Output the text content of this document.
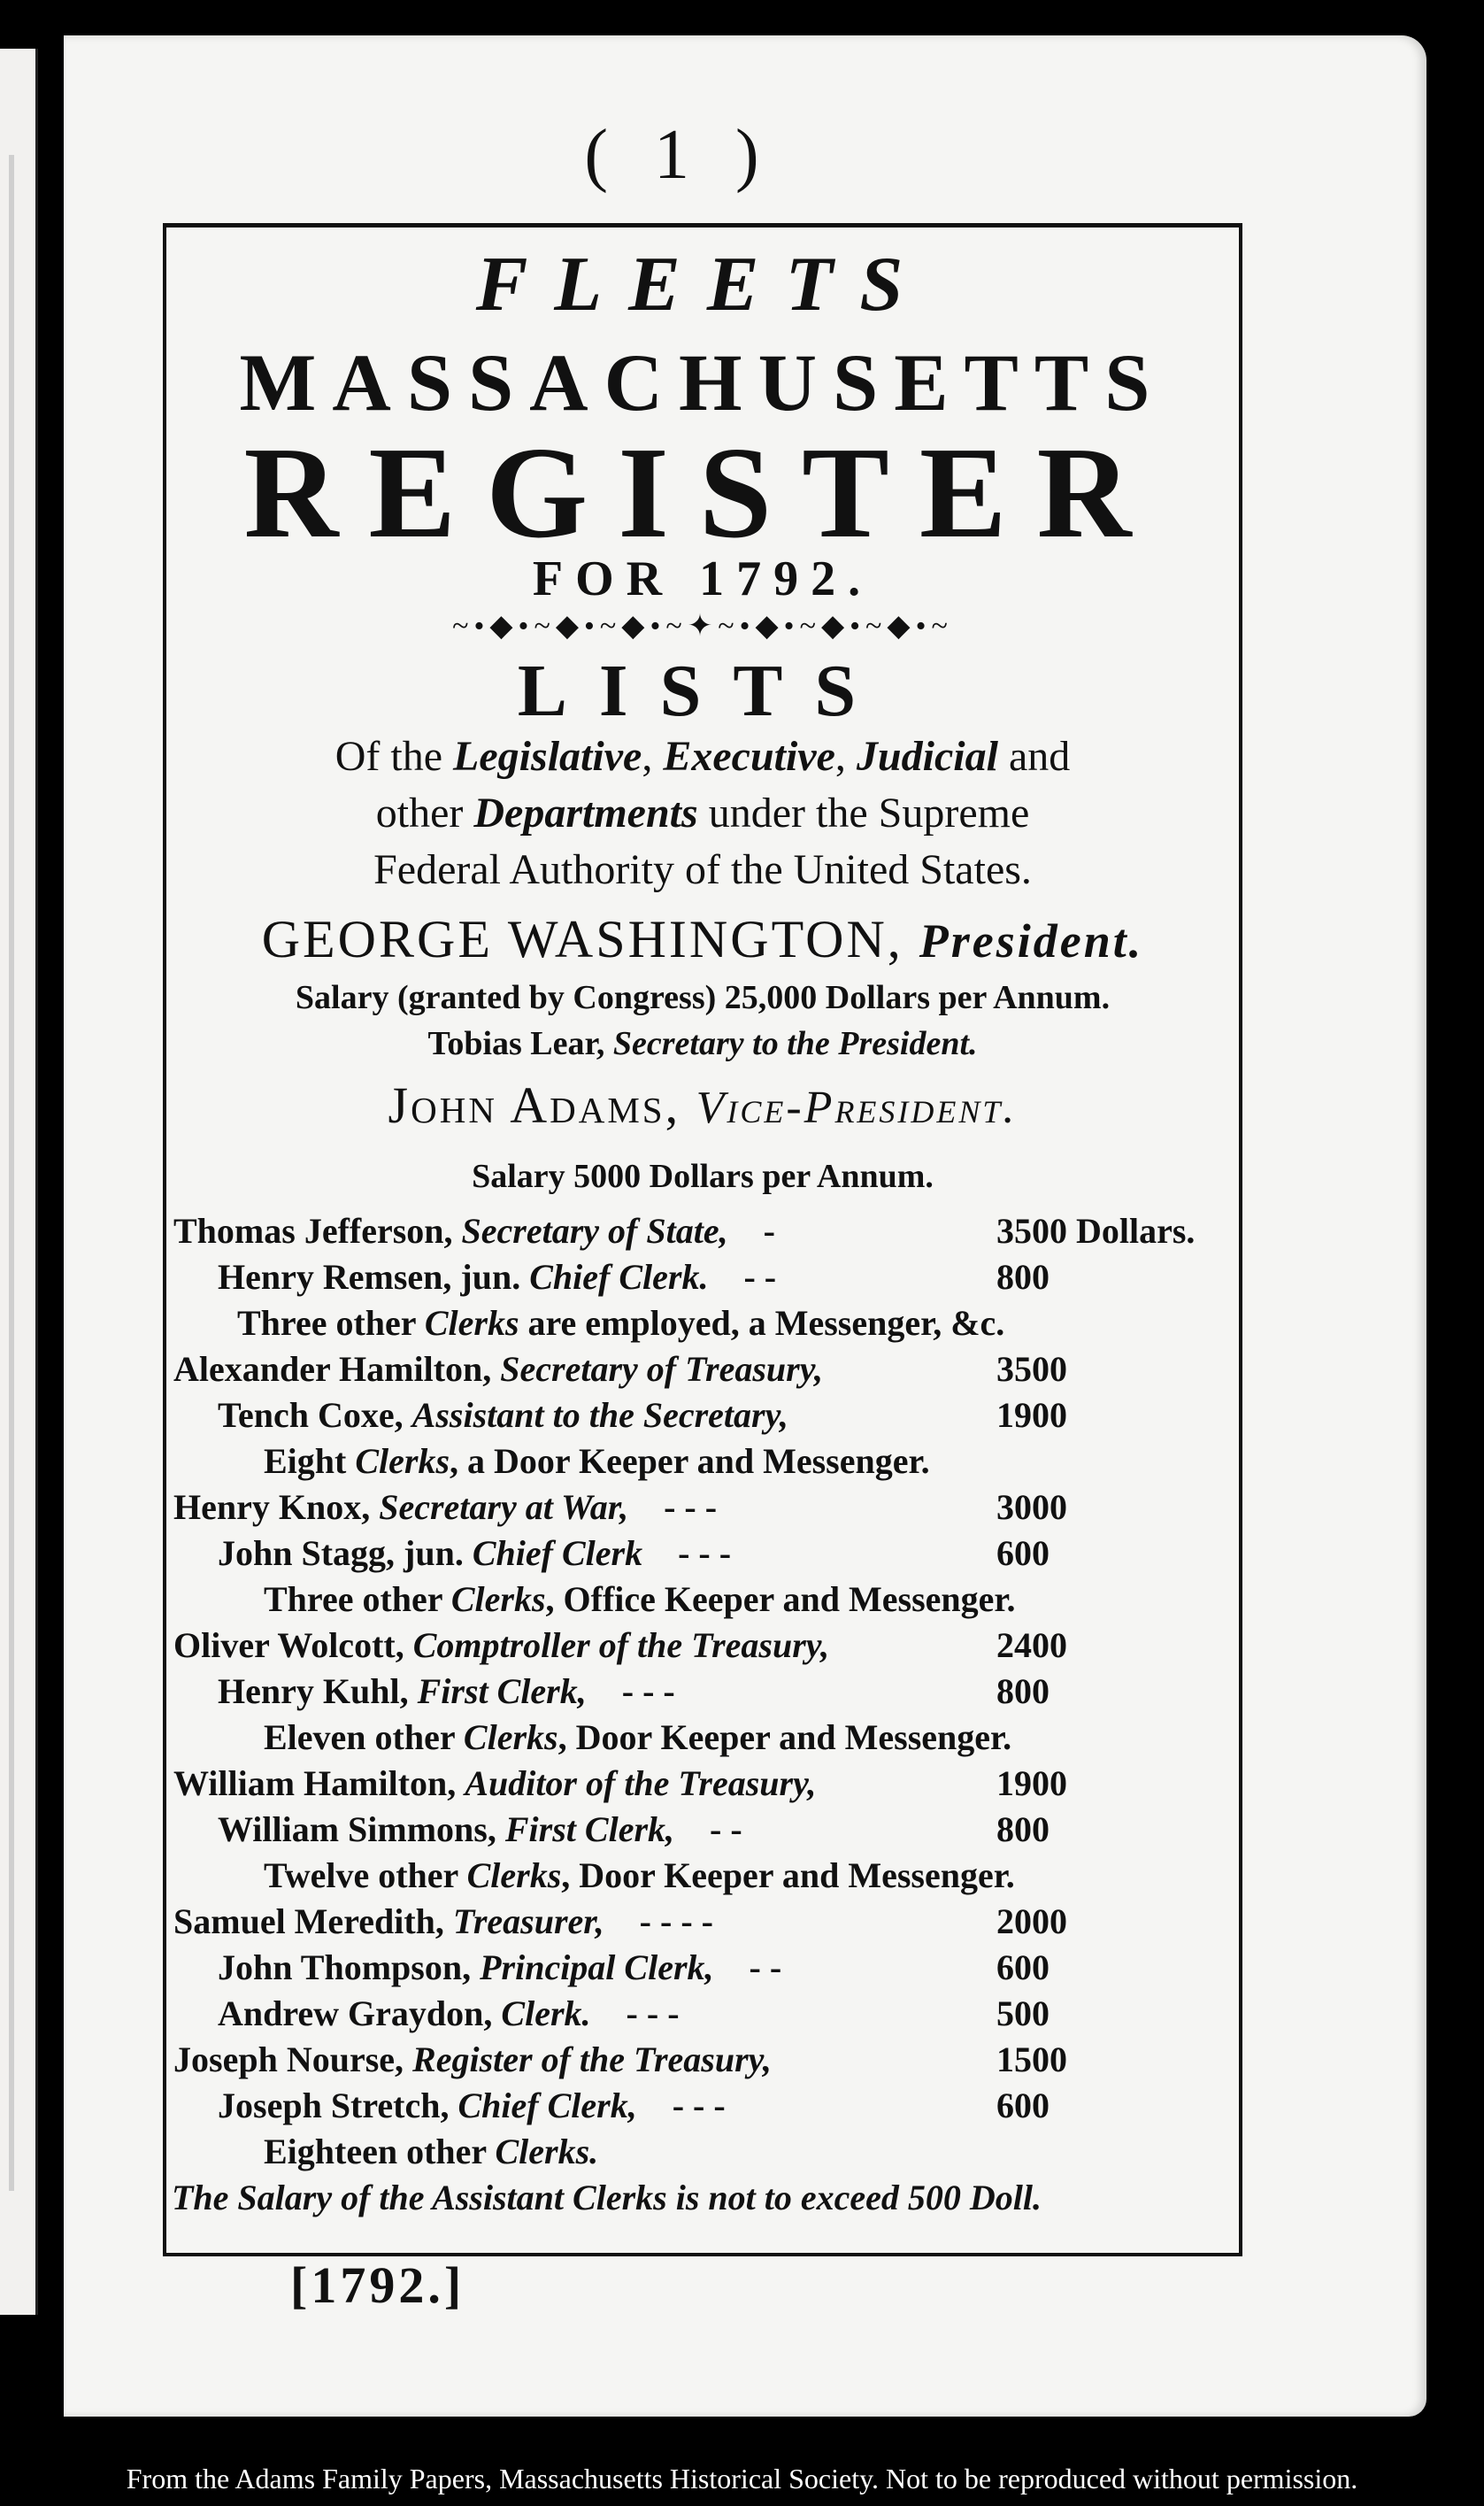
( 1 )
FLEETS
MASSACHUSETTS
REGISTER
FOR 1792.
~•◆•~◆•~◆•~✦~•◆•~◆•~◆•~
LISTS
Of the Legislative, Executive, Judicial and
other Departments under the Supreme
Federal Authority of the United States.
GEORGE WASHINGTON, President.
Salary (granted by Congress) 25,000 Dollars per Annum.
Tobias Lear, Secretary to the President.
John Adams, Vice-President.
Salary 5000 Dollars per Annum.
Thomas Jefferson, Secretary of State, -	3500 Dollars.
Henry Remsen, jun. Chief Clerk. - -	800
Three other Clerks are employed, a Messenger, &c.
Alexander Hamilton, Secretary of Treasury,	3500
Tench Coxe, Assistant to the Secretary,	1900
Eight Clerks, a Door Keeper and Messenger.
Henry Knox, Secretary at War, - - -	3000
John Stagg, jun. Chief Clerk - - -	600
Three other Clerks, Office Keeper and Messenger.
Oliver Wolcott, Comptroller of the Treasury,	2400
Henry Kuhl, First Clerk, - - -	800
Eleven other Clerks, Door Keeper and Messenger.
William Hamilton, Auditor of the Treasury,	1900
William Simmons, First Clerk, - -	800
Twelve other Clerks, Door Keeper and Messenger.
Samuel Meredith, Treasurer, - - - -	2000
John Thompson, Principal Clerk, - -	600
Andrew Graydon, Clerk. - - -	500
Joseph Nourse, Register of the Treasury,	1500
Joseph Stretch, Chief Clerk, - - -	600
Eighteen other Clerks.
The Salary of the Assistant Clerks is not to exceed 500 Doll.
[1792.]
From the Adams Family Papers, Massachusetts Historical Society. Not to be reproduced without permission.
